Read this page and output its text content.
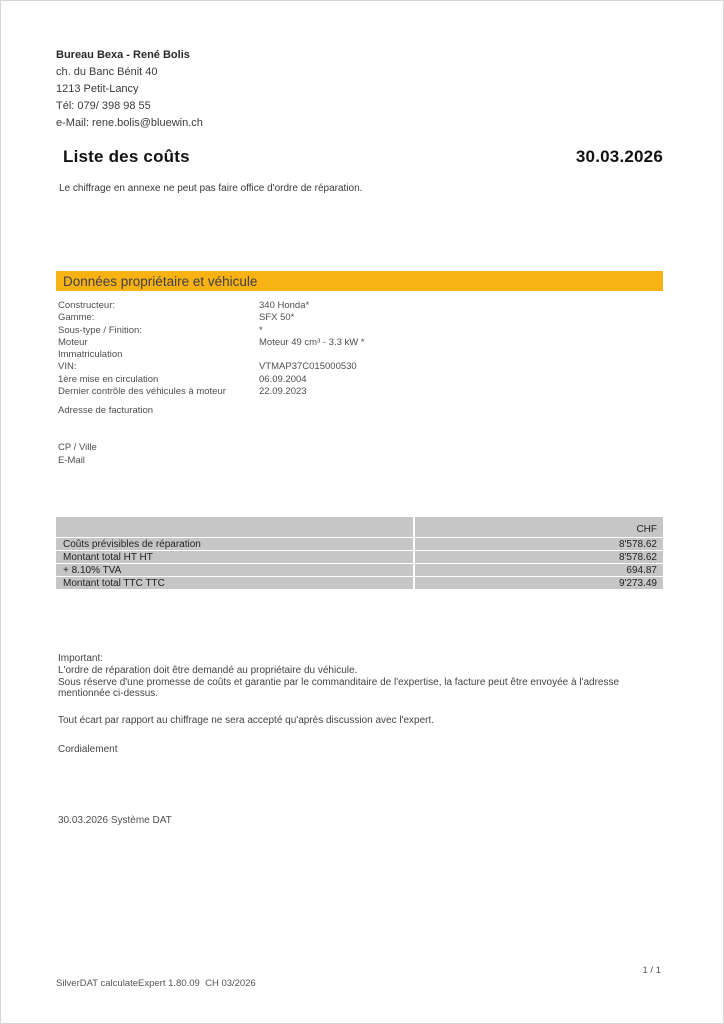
Bureau Bexa - René Bolis
ch. du Banc Bénit 40
1213 Petit-Lancy
Tél: 079/ 398 98 55
e-Mail: rene.bolis@bluewin.ch
Liste des coûts	30.03.2026
Le chiffrage en annexe ne peut pas faire office d'ordre de réparation.
Données propriétaire et véhicule
Constructeur:	340 Honda*
Gamme:	SFX 50*
Sous-type / Finition:	*
Moteur	Moteur 49 cm³ - 3.3 kW *
Immatriculation
VIN:	VTMAP37C015000530
1ère mise en circulation	06.09.2004
Dernier contrôle des véhicules à moteur	22.09.2023
Adresse de facturation
CP / Ville
E-Mail
CHF
Coûts prévisibles de réparation	8'578.62
Montant total HT HT	8'578.62
+ 8.10% TVA	694.87
Montant total TTC TTC	9'273.49
Important:
L'ordre de réparation doit être demandé au propriétaire du véhicule.
Sous réserve d'une promesse de coûts et garantie par le commanditaire de l'expertise, la facture peut être envoyée à l'adresse mentionnée ci-dessus.
Tout écart par rapport au chiffrage ne sera accepté qu'après discussion avec l'expert.
Cordialement
30.03.2026 Système DAT
SilverDAT calculateExpert 1.80.09  CH 03/2026
1 / 1
